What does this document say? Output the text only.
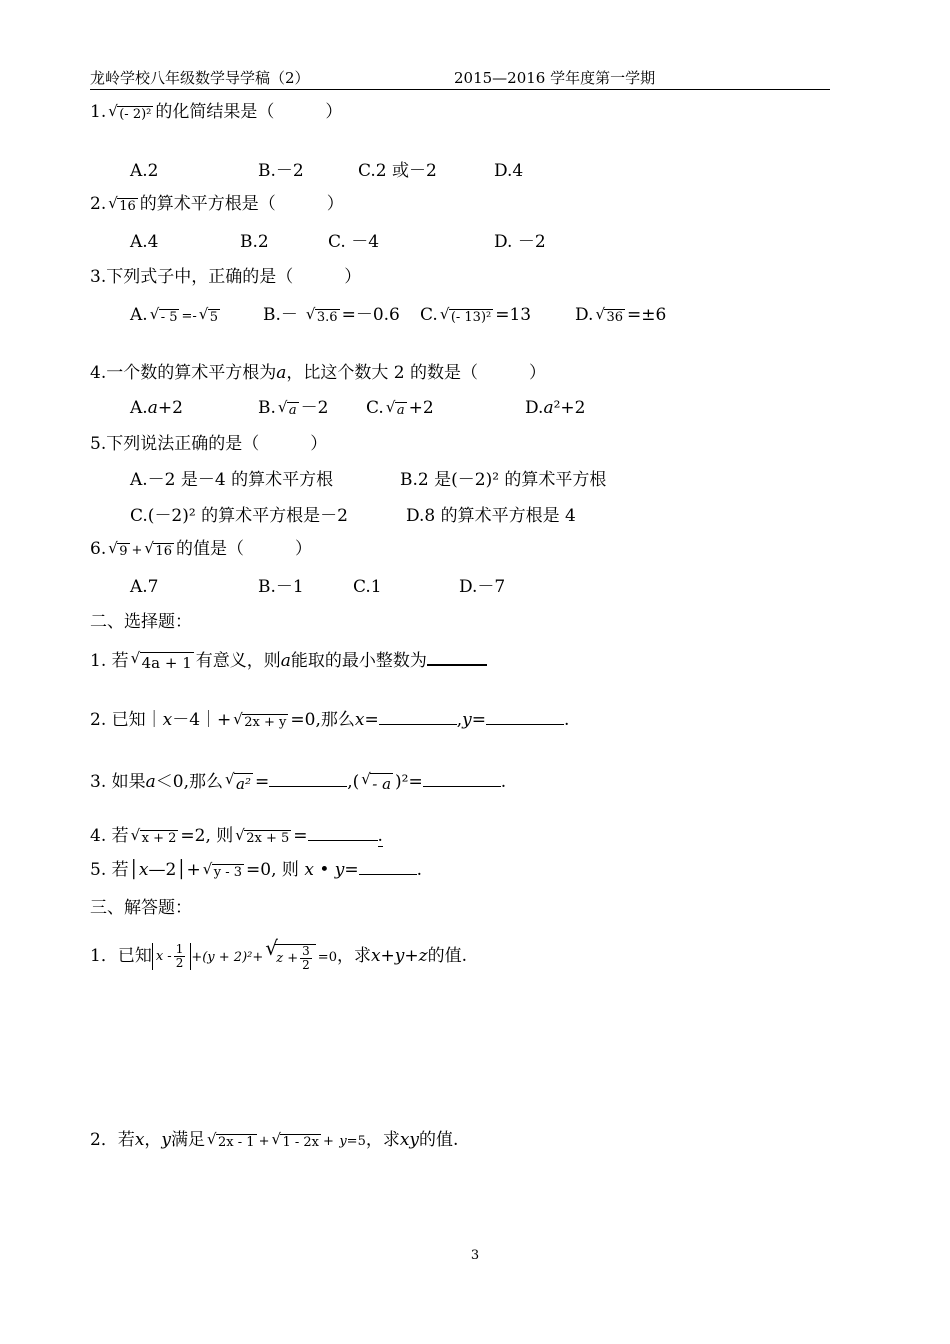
龙岭学校八年级数学导学稿（2）	2015—2016 学年度第一学期
1. √ (- 2)² 的化简结果是（　　　）
A.2	B.－2	C.2 或－2	D.4
2. √ 16 的算术平方根是（　　　）
A.4	B.2	C. －4	D. －2
3.下列式子中，正确的是（　　　）
A. √ - 5 =- √ 5	B.－ √ 3.6 =－0.6 C. √ (- 13)² =13	D. √ 36 =±6
4.一个数的算术平方根为a，比这个数大 2 的数是（　　　）
A.a+2	B. √ a －2 C. √ a +2	D.a²+2
5.下列说法正确的是（　　　）
A.－2 是－4 的算术平方根	B.2 是(－2)² 的算术平方根
C.(－2)² 的算术平方根是－2	D.8 的算术平方根是 4
6. √ 9 + √ 16 的值是（　　　）
A.7	B.－1	C.1	D.－7
二、选择题：
1. 若 √ 4a + 1 有意义，则a能取的最小整数为
2. 已知｜x－4｜+ √ 2x + y =0,那么x=	,y=	.
3. 如果a＜0,那么 √ a² =	,( √ - a )²=	.
4. 若 √ x + 2 =2, 则 √ 2x + 5 =	.
5. 若│x—2│+ √ y - 3 =0, 则 x • y=	.
三、解答题：
1．已知 $x - \frac{1}{2} +(y + 2)^2+$ √
$z + \frac{3}{2} =0$，求x+y+z的值.
2．若x，y满足 √ 2x - 1 + √ 1 - 2x + y=5，求xy的值.
3
